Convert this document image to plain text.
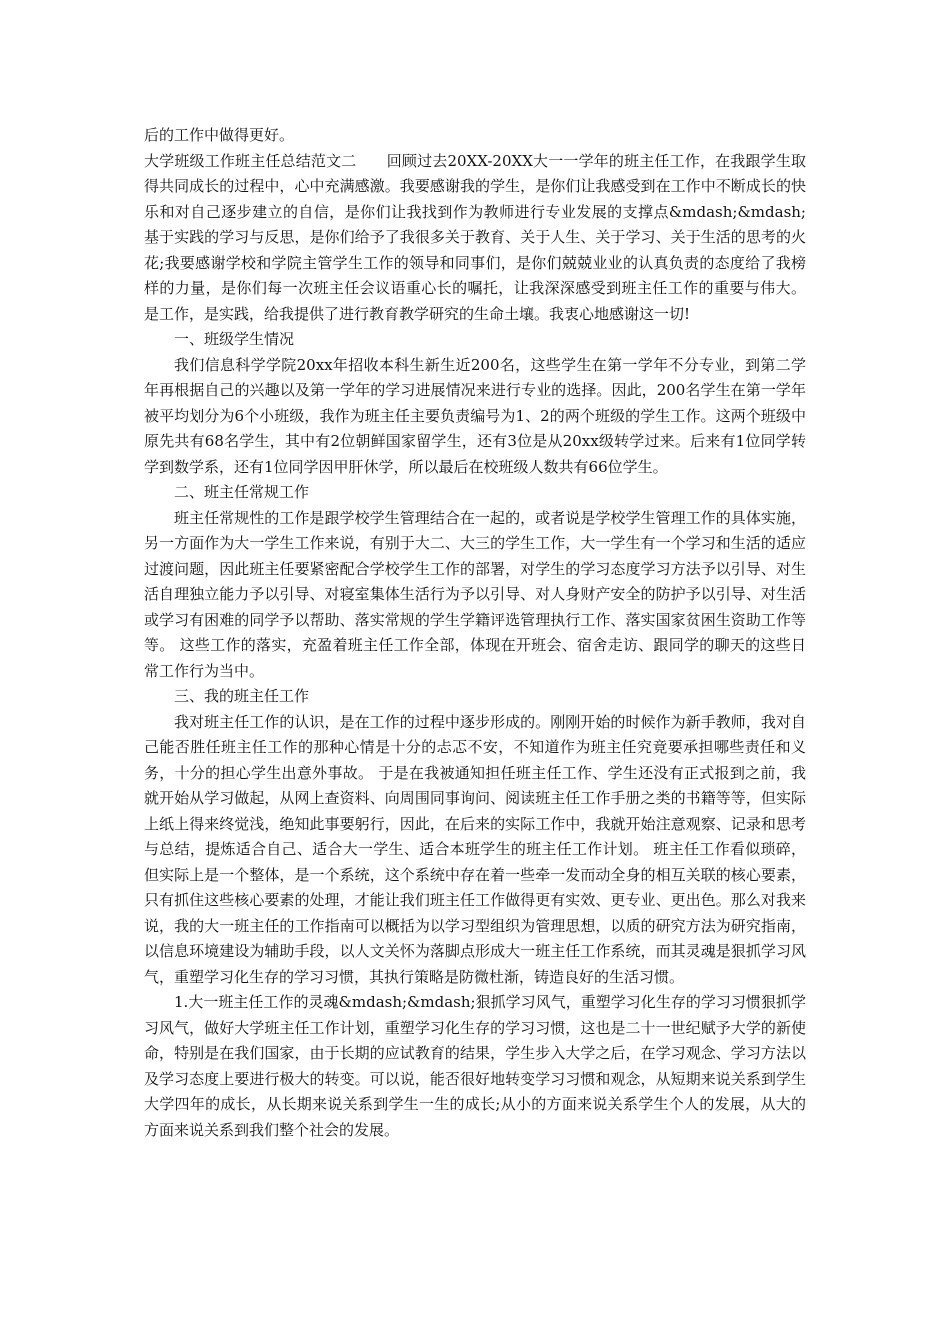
后的工作中做得更好。

大学班级工作班主任总结范文二　　回顾过去20XX-20XX大一一学年的班主任工作，在我跟学生取得共同成长的过程中，心中充满感激。我要感谢我的学生，是你们让我感受到在工作中不断成长的快乐和对自己逐步建立的自信，是你们让我找到作为教师进行专业发展的支撑点&mdash;&mdash;基于实践的学习与反思，是你们给予了我很多关于教育、关于人生、关于学习、关于生活的思考的火花;我要感谢学校和学院主管学生工作的领导和同事们，是你们兢兢业业的认真负责的态度给了我榜样的力量，是你们每一次班主任会议语重心长的嘱托，让我深深感受到班主任工作的重要与伟大。 是工作，是实践，给我提供了进行教育教学研究的生命土壤。我衷心地感谢这一切!

一、班级学生情况

我们信息科学学院20xx年招收本科生新生近200名，这些学生在第一学年不分专业，到第二学年再根据自己的兴趣以及第一学年的学习进展情况来进行专业的选择。因此，200名学生在第一学年被平均划分为6个小班级，我作为班主任主要负责编号为1、2的两个班级的学生工作。这两个班级中原先共有68名学生，其中有2位朝鲜国家留学生，还有3位是从20xx级转学过来。后来有1位同学转学到数学系，还有1位同学因甲肝休学，所以最后在校班级人数共有66位学生。

二、班主任常规工作

班主任常规性的工作是跟学校学生管理结合在一起的，或者说是学校学生管理工作的具体实施，另一方面作为大一学生工作来说，有别于大二、大三的学生工作，大一学生有一个学习和生活的适应过渡问题，因此班主任要紧密配合学校学生工作的部署，对学生的学习态度学习方法予以引导、对生活自理独立能力予以引导、对寝室集体生活行为予以引导、对人身财产安全的防护予以引导、对生活或学习有困难的同学予以帮助、落实常规的学生学籍评选管理执行工作、落实国家贫困生资助工作等等。 这些工作的落实，充盈着班主任工作全部，体现在开班会、宿舍走访、跟同学的聊天的这些日常工作行为当中。

三、我的班主任工作

我对班主任工作的认识，是在工作的过程中逐步形成的。刚刚开始的时候作为新手教师，我对自己能否胜任班主任工作的那种心情是十分的忐忑不安，不知道作为班主任究竟要承担哪些责任和义务，十分的担心学生出意外事故。 于是在我被通知担任班主任工作、学生还没有正式报到之前，我就开始从学习做起，从网上查资料、向周围同事询问、阅读班主任工作手册之类的书籍等等，但实际上纸上得来终觉浅，绝知此事要躬行，因此，在后来的实际工作中，我就开始注意观察、记录和思考与总结，提炼适合自己、适合大一学生、适合本班学生的班主任工作计划。 班主任工作看似琐碎，但实际上是一个整体，是一个系统，这个系统中存在着一些牵一发而动全身的相互关联的核心要素，只有抓住这些核心要素的处理，才能让我们班主任工作做得更有实效、更专业、更出色。那么对我来说，我的大一班主任的工作指南可以概括为以学习型组织为管理思想，以质的研究方法为研究指南，以信息环境建设为辅助手段，以人文关怀为落脚点形成大一班主任工作系统，而其灵魂是狠抓学习风气，重塑学习化生存的学习习惯，其执行策略是防微杜渐，铸造良好的生活习惯。

1.大一班主任工作的灵魂&mdash;&mdash;狠抓学习风气，重塑学习化生存的学习习惯狠抓学习风气，做好大学班主任工作计划，重塑学习化生存的学习习惯，这也是二十一世纪赋予大学的新使命，特别是在我们国家，由于长期的应试教育的结果，学生步入大学之后，在学习观念、学习方法以及学习态度上要进行极大的转变。可以说，能否很好地转变学习习惯和观念，从短期来说关系到学生大学四年的成长，从长期来说关系到学生一生的成长;从小的方面来说关系学生个人的发展，从大的方面来说关系到我们整个社会的发展。
